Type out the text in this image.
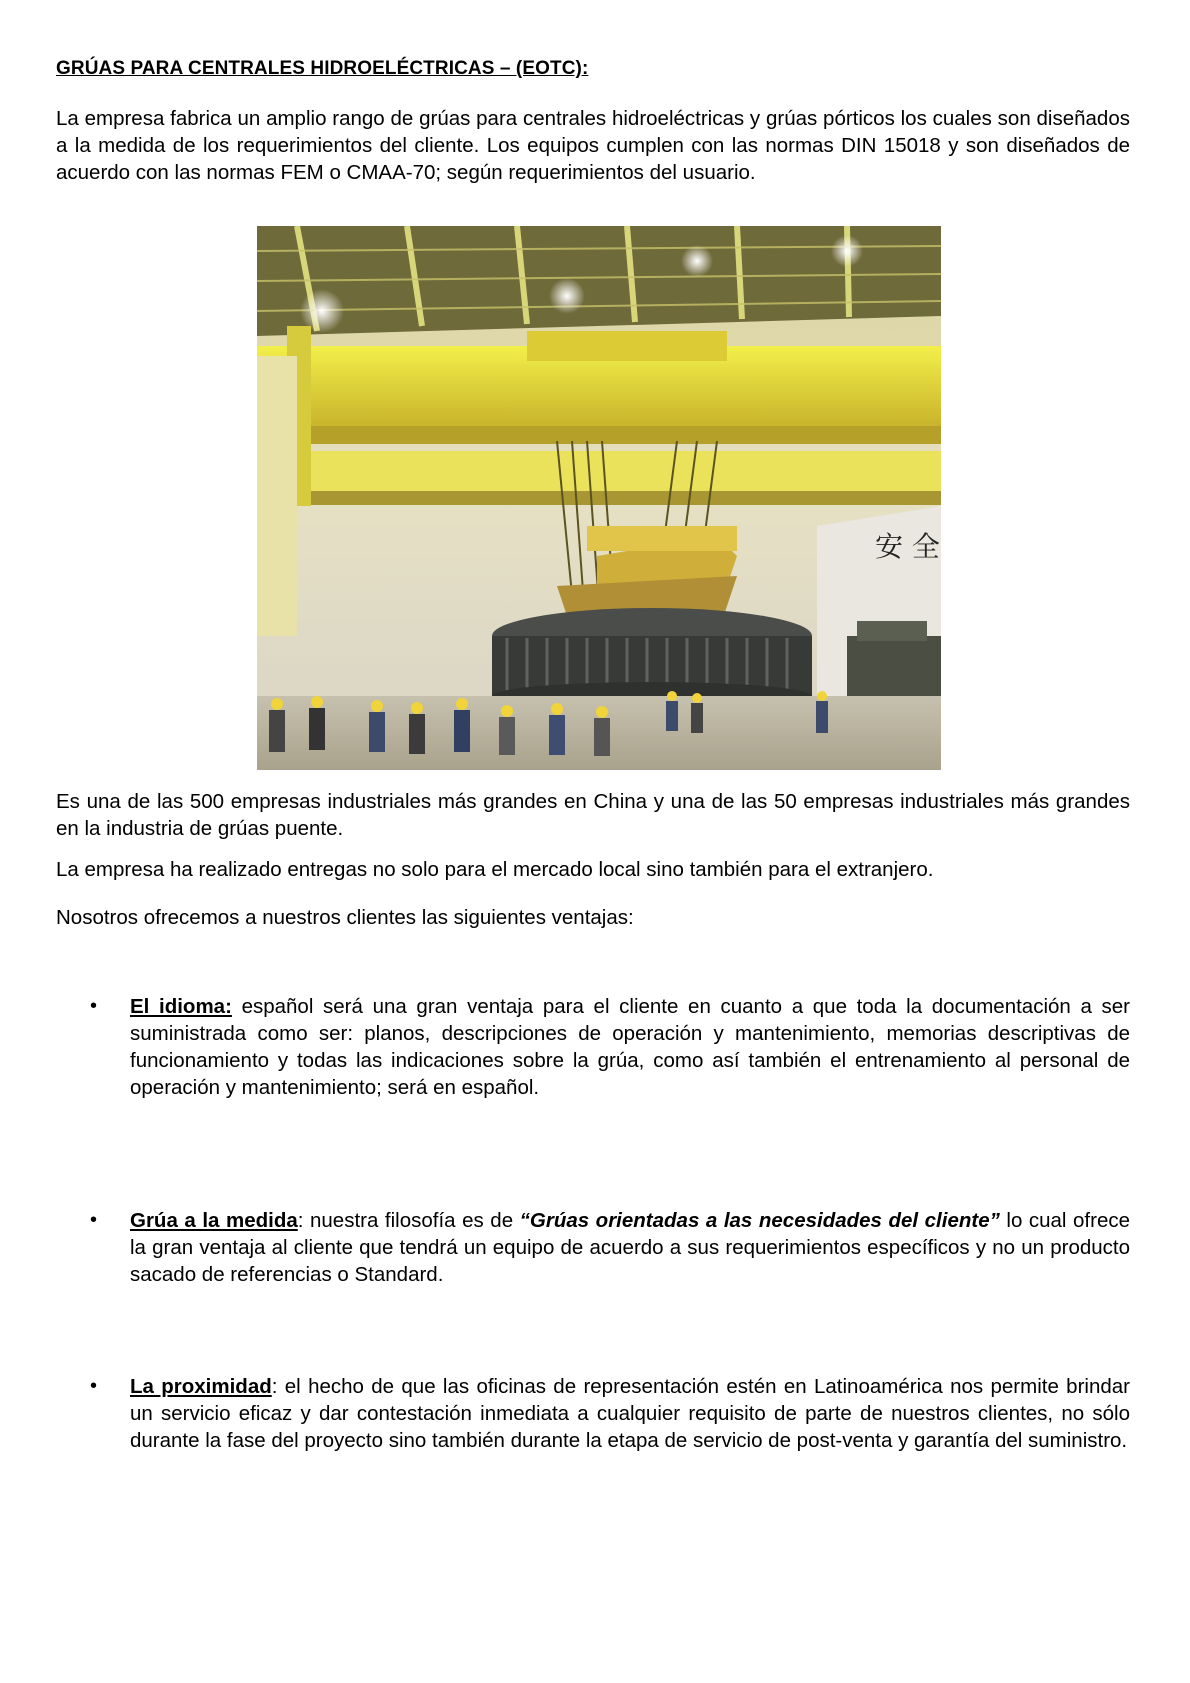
GRÚAS PARA CENTRALES HIDROELÉCTRICAS – (EOTC):
La empresa fabrica un amplio rango de grúas para centrales hidroeléctricas y grúas pórticos los cuales son diseñados a la medida de los requerimientos del cliente. Los equipos cumplen con las normas DIN 15018 y son diseñados de acuerdo con las normas FEM o CMAA-70; según requerimientos del usuario.
安 全
Es una de las 500 empresas industriales más grandes en China y una de las 50 empresas industriales más grandes en la industria de grúas puente.
La empresa ha realizado entregas no solo para el mercado local sino también para el extranjero.
Nosotros ofrecemos a nuestros clientes las siguientes ventajas:
• El idioma: español será una gran ventaja para el cliente en cuanto a que toda la documentación a ser suministrada como ser: planos, descripciones de operación y mantenimiento, memorias descriptivas de funcionamiento y todas las indicaciones sobre la grúa, como así también el entrenamiento al personal de operación y mantenimiento; será en español.
• Grúa a la medida: nuestra filosofía es de “Grúas orientadas a las necesidades del cliente” lo cual ofrece la gran ventaja al cliente que tendrá un equipo de acuerdo a sus requerimientos específicos y no un producto sacado de referencias o Standard.
• La proximidad: el hecho de que las oficinas de representación estén en Latinoamérica nos permite brindar un servicio eficaz y dar contestación inmediata a cualquier requisito de parte de nuestros clientes, no sólo durante la fase del proyecto sino también durante la etapa de servicio de post-venta y garantía del suministro.
